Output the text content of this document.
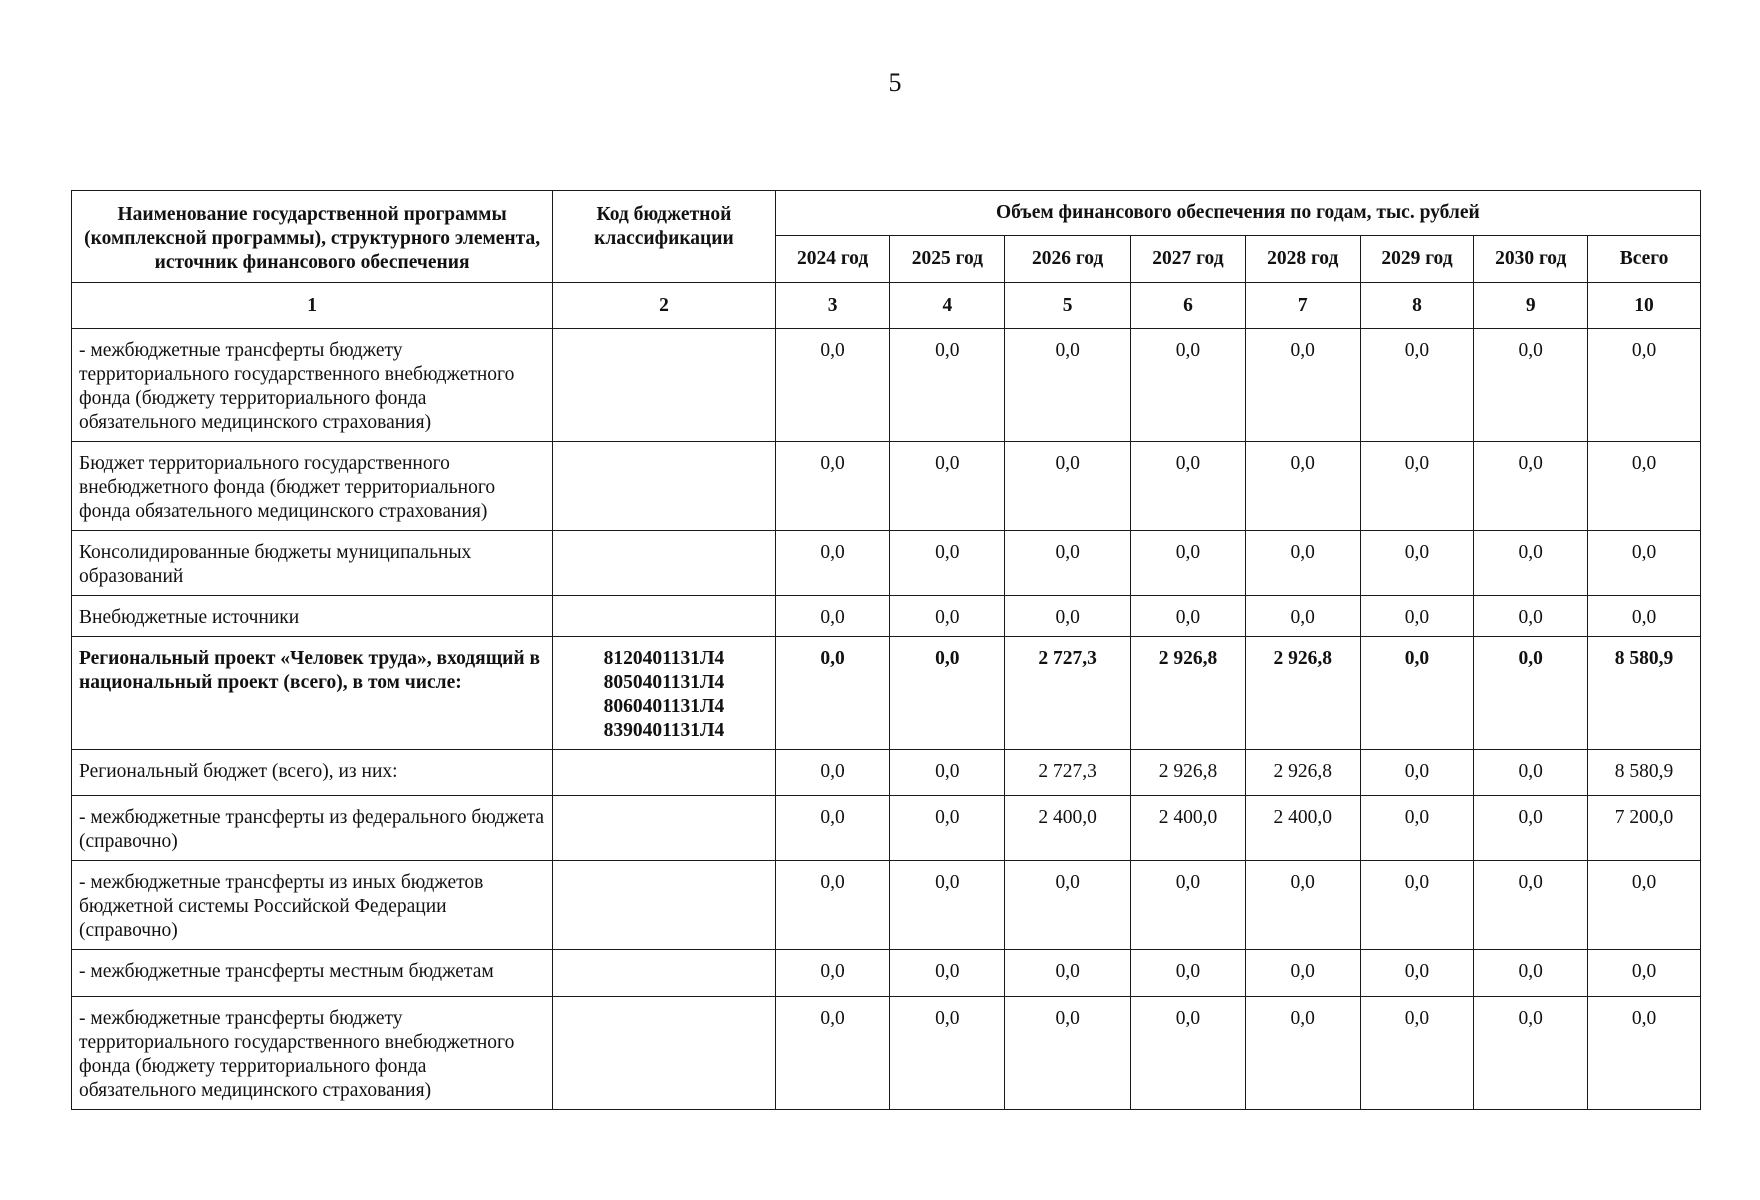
5
Наименование государственной программы (комплексной программы), структурного элемента, источник финансового обеспечения	Код бюджетной классификации	Объем финансового обеспечения по годам, тыс. рублей							
		2024 год	2025 год	2026 год	2027 год	2028 год	2029 год	2030 год	Всего
1	2	3	4	5	6	7	8	9	10
- межбюджетные трансферты бюджету территориального государственного внебюджетного фонда (бюджету территориального фонда обязательного медицинского страхования)		0,0	0,0	0,0	0,0	0,0	0,0	0,0	0,0
Бюджет территориального государственного внебюджетного фонда (бюджет территориального фонда обязательного медицинского страхования)		0,0	0,0	0,0	0,0	0,0	0,0	0,0	0,0
Консолидированные бюджеты муниципальных образований		0,0	0,0	0,0	0,0	0,0	0,0	0,0	0,0
Внебюджетные источники		0,0	0,0	0,0	0,0	0,0	0,0	0,0	0,0
Региональный проект «Человек труда», входящий в национальный проект (всего), в том числе:	8120401131Л4
8050401131Л4
8060401131Л4
8390401131Л4	0,0	0,0	2 727,3	2 926,8	2 926,8	0,0	0,0	8 580,9
Региональный бюджет (всего), из них:		0,0	0,0	2 727,3	2 926,8	2 926,8	0,0	0,0	8 580,9
- межбюджетные трансферты из федерального бюджета (справочно)		0,0	0,0	2 400,0	2 400,0	2 400,0	0,0	0,0	7 200,0
- межбюджетные трансферты из иных бюджетов бюджетной системы Российской Федерации (справочно)		0,0	0,0	0,0	0,0	0,0	0,0	0,0	0,0
- межбюджетные трансферты местным бюджетам		0,0	0,0	0,0	0,0	0,0	0,0	0,0	0,0
- межбюджетные трансферты бюджету территориального государственного внебюджетного фонда (бюджету территориального фонда обязательного медицинского страхования)		0,0	0,0	0,0	0,0	0,0	0,0	0,0	0,0
